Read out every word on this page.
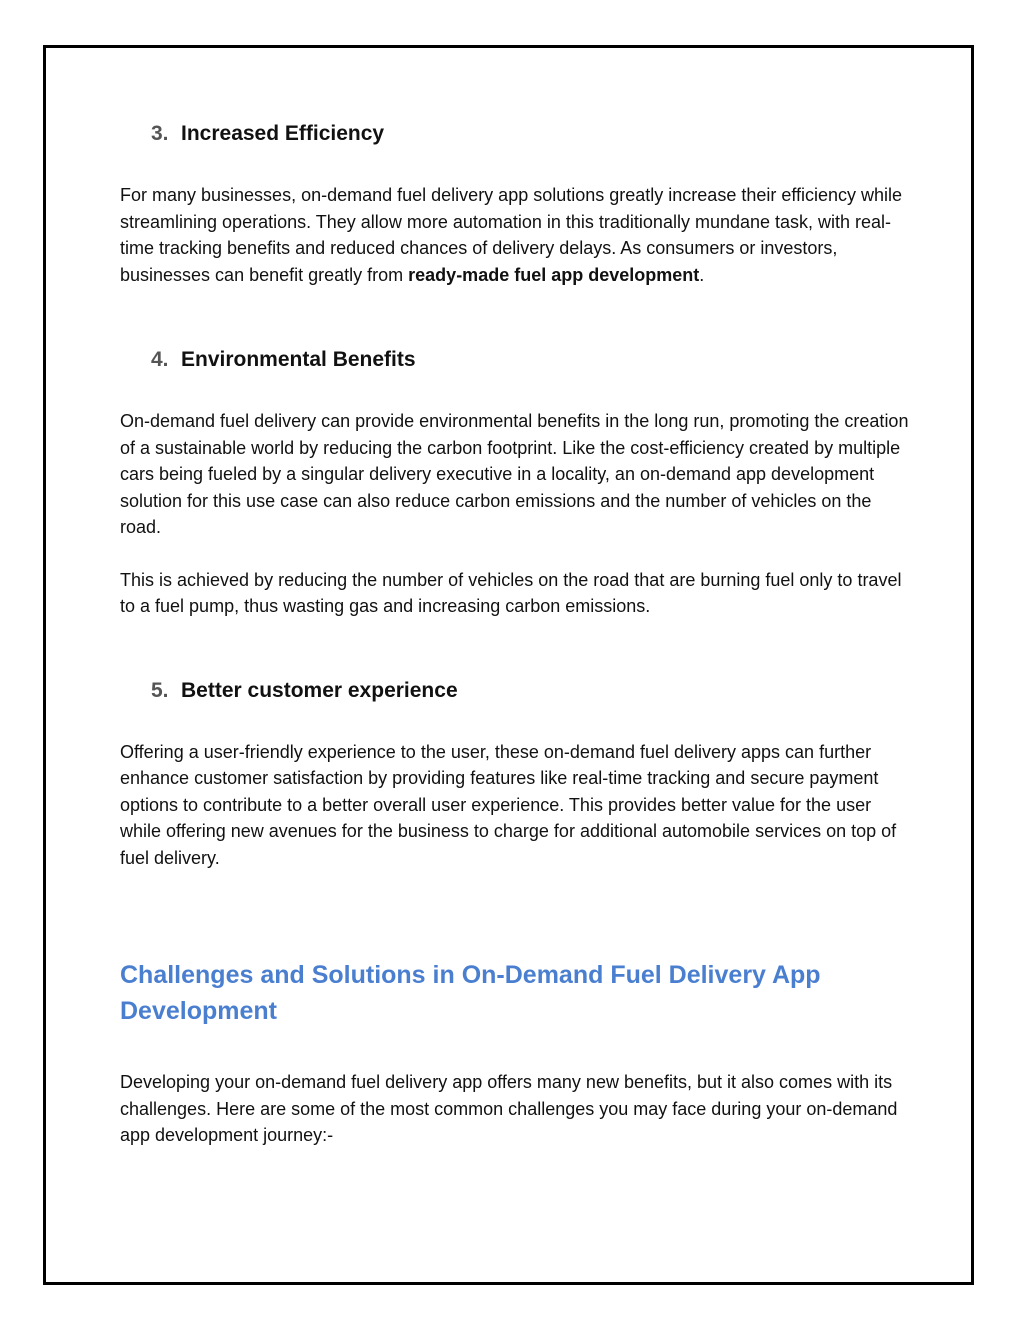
3. Increased Efficiency

For many businesses, on-demand fuel delivery app solutions greatly increase their efficiency while streamlining operations. They allow more automation in this traditionally mundane task, with real-time tracking benefits and reduced chances of delivery delays. As consumers or investors, businesses can benefit greatly from ready-made fuel app development.

4. Environmental Benefits

On-demand fuel delivery can provide environmental benefits in the long run, promoting the creation of a sustainable world by reducing the carbon footprint. Like the cost-efficiency created by multiple cars being fueled by a singular delivery executive in a locality, an on-demand app development solution for this use case can also reduce carbon emissions and the number of vehicles on the road.

This is achieved by reducing the number of vehicles on the road that are burning fuel only to travel to a fuel pump, thus wasting gas and increasing carbon emissions.

5. Better customer experience

Offering a user-friendly experience to the user, these on-demand fuel delivery apps can further enhance customer satisfaction by providing features like real-time tracking and secure payment options to contribute to a better overall user experience. This provides better value for the user while offering new avenues for the business to charge for additional automobile services on top of fuel delivery.

Challenges and Solutions in On-Demand Fuel Delivery App Development

Developing your on-demand fuel delivery app offers many new benefits, but it also comes with its challenges. Here are some of the most common challenges you may face during your on-demand app development journey:-
